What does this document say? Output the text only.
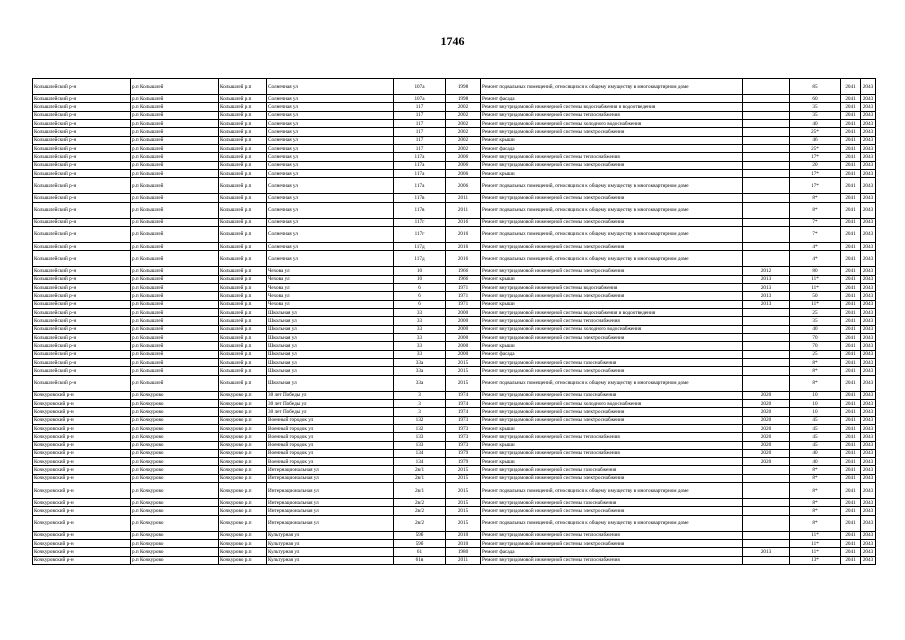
1746
Колышлейский р-н	р.п Колышлей	Колышлей р.п	Солнечная ул	107а	1998	Ремонт подвальных помещений, относящихся к общему имуществу в многоквартирном доме		85	2041	2043
Колышлейский р-н	р.п Колышлей	Колышлей р.п	Солнечная ул	107а	1998	Ремонт фасада		60	2041	2043
Колышлейский р-н	р.п Колышлей	Колышлей р.п	Солнечная ул	117	2002	Ремонт внутридомовой инженерной системы водоснабжения и водоотведения		35	2041	2043
Колышлейский р-н	р.п Колышлей	Колышлей р.п	Солнечная ул	117	2002	Ремонт внутридомовой инженерной системы теплоснабжения		35	2041	2043
Колышлейский р-н	р.п Колышлей	Колышлей р.п	Солнечная ул	117	2002	Ремонт внутридомовой инженерной системы холодного водоснабжения		40	2041	2043
Колышлейский р-н	р.п Колышлей	Колышлей р.п	Солнечная ул	117	2002	Ремонт внутридомовой инженерной системы электроснабжения		25*	2041	2043
Колышлейский р-н	р.п Колышлей	Колышлей р.п	Солнечная ул	117	2002	Ремонт крыши		46	2041	2043
Колышлейский р-н	р.п Колышлей	Колышлей р.п	Солнечная ул	117	2002	Ремонт фасада		25*	2041	2043
Колышлейский р-н	р.п Колышлей	Колышлей р.п	Солнечная ул	117а	2006	Ремонт внутридомовой инженерной системы теплоснабжения		17*	2041	2043
Колышлейский р-н	р.п Колышлей	Колышлей р.п	Солнечная ул	117а	2006	Ремонт внутридомовой инженерной системы электроснабжения		20	2041	2043
Колышлейский р-н	р.п Колышлей	Колышлей р.п	Солнечная ул	117а	2006	Ремонт крыши		17*	2041	2043
Колышлейский р-н	р.п Колышлей	Колышлей р.п	Солнечная ул	117а	2006	Ремонт подвальных помещений, относящихся к общему имуществу в многоквартирном доме		17*	2041	2043
Колышлейский р-н	р.п Колышлей	Колышлей р.п	Солнечная ул	117в	2011	Ремонт внутридомовой инженерной системы электроснабжения		8*	2041	2043
Колышлейский р-н	р.п Колышлей	Колышлей р.п	Солнечная ул	117в	2011	Ремонт подвальных помещений, относящихся к общему имуществу в многоквартирном доме		8*	2041	2043
Колышлейский р-н	р.п Колышлей	Колышлей р.п	Солнечная ул	117г	2016	Ремонт внутридомовой инженерной системы электроснабжения		7*	2041	2043
Колышлейский р-н	р.п Колышлей	Колышлей р.п	Солнечная ул	117г	2016	Ремонт подвальных помещений, относящихся к общему имуществу в многоквартирном доме		7*	2041	2043
Колышлейский р-н	р.п Колышлей	Колышлей р.п	Солнечная ул	117д	2016	Ремонт внутридомовой инженерной системы электроснабжения		4*	2041	2043
Колышлейский р-н	р.п Колышлей	Колышлей р.п	Солнечная ул	117д	2016	Ремонт подвальных помещений, относящихся к общему имуществу в многоквартирном доме		4*	2041	2043
Колышлейский р-н	р.п Колышлей	Колышлей р.п	Чехова ул	10	1966	Ремонт внутридомовой инженерной системы электроснабжения	2012	80	2041	2043
Колышлейский р-н	р.п Колышлей	Колышлей р.п	Чехова ул	10	1966	Ремонт крыши	2013	11*	2041	2043
Колышлейский р-н	р.п Колышлей	Колышлей р.п	Чехова ул	6	1971	Ремонт внутридомовой инженерной системы водоснабжения	2013	11*	2041	2043
Колышлейский р-н	р.п Колышлей	Колышлей р.п	Чехова ул	6	1971	Ремонт внутридомовой инженерной системы электроснабжения	2013	50	2041	2043
Колышлейский р-н	р.п Колышлей	Колышлей р.п	Чехова ул	6	1971	Ремонт крыши	2013	11*	2041	2043
Колышлейский р-н	р.п Колышлей	Колышлей р.п	Школьная ул	33	2000	Ремонт внутридомовой инженерной системы водоснабжения и водоотведения		25	2041	2043
Колышлейский р-н	р.п Колышлей	Колышлей р.п	Школьная ул	33	2000	Ремонт внутридомовой инженерной системы теплоснабжения		35	2041	2043
Колышлейский р-н	р.п Колышлей	Колышлей р.п	Школьная ул	33	2000	Ремонт внутридомовой инженерной системы холодного водоснабжения		40	2041	2043
Колышлейский р-н	р.п Колышлей	Колышлей р.п	Школьная ул	33	2000	Ремонт внутридомовой инженерной системы электроснабжения		70	2041	2043
Колышлейский р-н	р.п Колышлей	Колышлей р.п	Школьная ул	33	2000	Ремонт крыши		70	2041	2043
Колышлейский р-н	р.п Колышлей	Колышлей р.п	Школьная ул	33	2000	Ремонт фасада		25	2041	2043
Колышлейский р-н	р.п Колышлей	Колышлей р.п	Школьная ул	33а	2015	Ремонт внутридомовой инженерной системы газоснабжения		8*	2041	2043
Колышлейский р-н	р.п Колышлей	Колышлей р.п	Школьная ул	33а	2015	Ремонт внутридомовой инженерной системы электроснабжения		8*	2041	2043
Колышлейский р-н	р.п Колышлей	Колышлей р.п	Школьная ул	33а	2015	Ремонт подвальных помещений, относящихся к общему имуществу в многоквартирном доме		8*	2041	2043
Кочкуровский р-н	р.п Кочкурово	Кочкурово р.п	30 лет Победы ул	3	1974	Ремонт внутридомовой инженерной системы газоснабжения	2020	10	2041	2043
Кочкуровский р-н	р.п Кочкурово	Кочкурово р.п	30 лет Победы ул	3	1974	Ремонт внутридомовой инженерной системы холодного водоснабжения	2020	10	2041	2043
Кочкуровский р-н	р.п Кочкурово	Кочкурово р.п	30 лет Победы ул	3	1974	Ремонт внутридомовой инженерной системы электроснабжения	2020	10	2041	2043
Кочкуровский р-н	р.п Кочкурово	Кочкурово р.п	Военный городок ул	132	1973	Ремонт внутридомовой инженерной системы электроснабжения	2020	45	2041	2043
Кочкуровский р-н	р.п Кочкурово	Кочкурово р.п	Военный городок ул	132	1973	Ремонт крыши	2020	45	2041	2043
Кочкуровский р-н	р.п Кочкурово	Кочкурово р.п	Военный городок ул	133	1973	Ремонт внутридомовой инженерной системы теплоснабжения	2020	45	2041	2043
Кочкуровский р-н	р.п Кочкурово	Кочкурово р.п	Военный городок ул	133	1973	Ремонт крыши	2020	45	2041	2043
Кочкуровский р-н	р.п Кочкурово	Кочкурово р.п	Военный городок ул	134	1979	Ремонт внутридомовой инженерной системы теплоснабжения	2020	40	2041	2043
Кочкуровский р-н	р.п Кочкурово	Кочкурово р.п	Военный городок ул	134	1979	Ремонт крыши	2020	40	2041	2043
Кочкуровский р-н	р.п Кочкурово	Кочкурово р.п	Интернациональная ул	2в/1	2015	Ремонт внутридомовой инженерной системы газоснабжения		8*	2041	2043
Кочкуровский р-н	р.п Кочкурово	Кочкурово р.п	Интернациональная ул	2в/1	2015	Ремонт внутридомовой инженерной системы электроснабжения		8*	2041	2043
Кочкуровский р-н	р.п Кочкурово	Кочкурово р.п	Интернациональная ул	2в/1	2015	Ремонт подвальных помещений, относящихся к общему имуществу в многоквартирном доме		8*	2041	2043
Кочкуровский р-н	р.п Кочкурово	Кочкурово р.п	Интернациональная ул	2в/2	2015	Ремонт внутридомовой инженерной системы газоснабжения		8*	2041	2043
Кочкуровский р-н	р.п Кочкурово	Кочкурово р.п	Интернациональная ул	2в/2	2015	Ремонт внутридомовой инженерной системы электроснабжения		8*	2041	2043
Кочкуровский р-н	р.п Кочкурово	Кочкурово р.п	Интернациональная ул	2в/2	2015	Ремонт подвальных помещений, относящихся к общему имуществу в многоквартирном доме		8*	2041	2043
Кочкуровский р-н	р.п Кочкурово	Кочкурово р.п	Культурная ул	59б	2010	Ремонт внутридомовой инженерной системы теплоснабжения		11*	2041	2043
Кочкуровский р-н	р.п Кочкурово	Кочкурово р.п	Культурная ул	59б	2010	Ремонт внутридомовой инженерной системы электроснабжения		11*	2041	2043
Кочкуровский р-н	р.п Кочкурово	Кочкурово р.п	Культурная ул	61	1980	Ремонт фасада	2013	11*	2041	2043
Кочкуровский р-н	р.п Кочкурово	Кочкурово р.п	Культурная ул	61в	2011	Ремонт внутридомовой инженерной системы теплоснабжения		13*	2041	2043
